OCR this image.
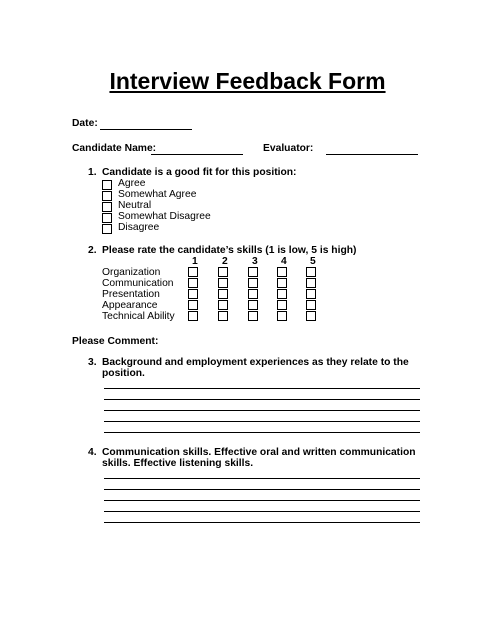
Interview Feedback Form
Date:
Candidate Name:	Evaluator:
1. Candidate is a good fit for this position:
Agree
Somewhat Agree
Neutral
Somewhat Disagree
Disagree
2. Please rate the candidate’s skills (1 is low, 5 is high)
1 2 3 4 5
Organization
Communication
Presentation
Appearance
Technical Ability
Please Comment:
3. Background and employment experiences as they relate to the
position.
4. Communication skills. Effective oral and written communication
skills. Effective listening skills.
